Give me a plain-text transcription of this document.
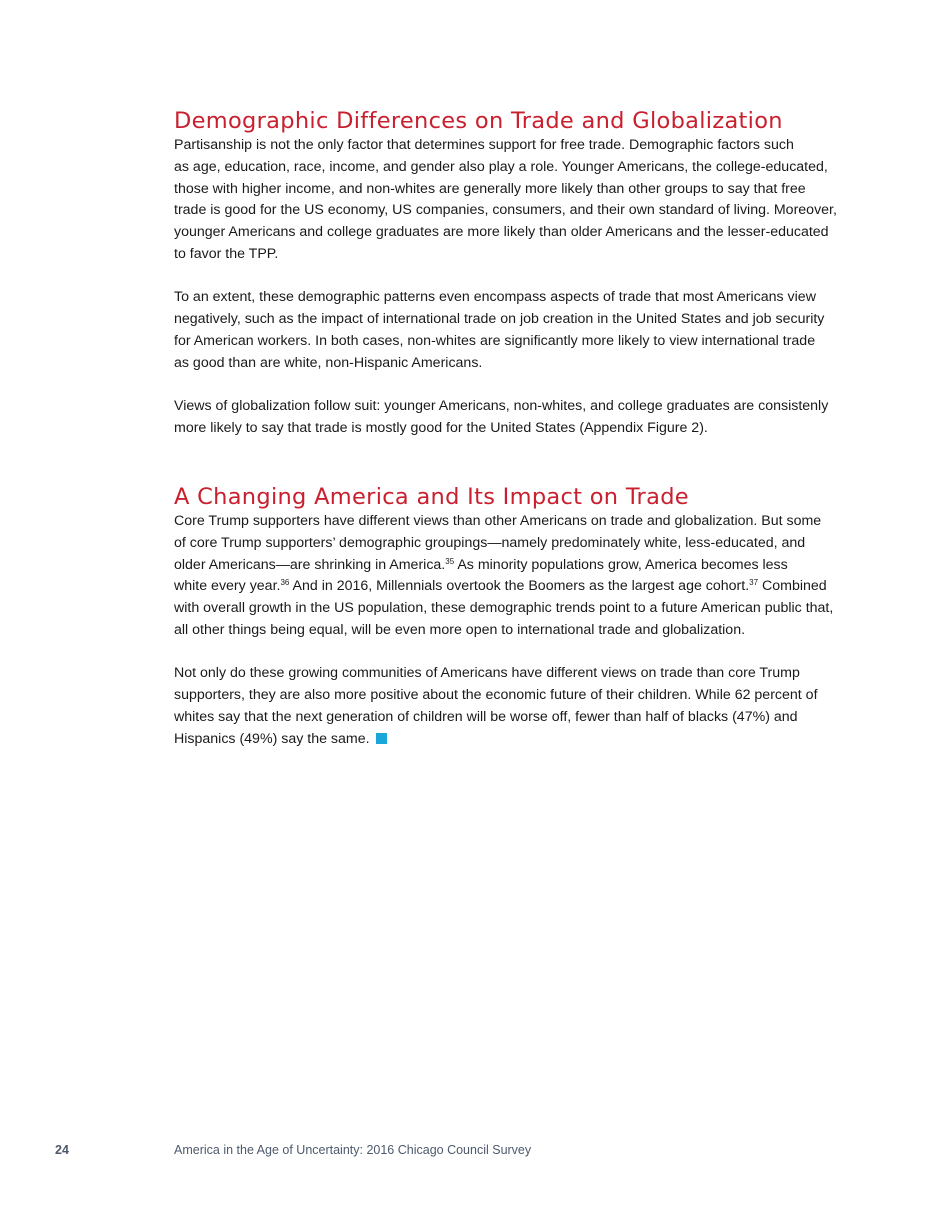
Demographic Differences on Trade and Globalization

Partisanship is not the only factor that determines support for free trade. Demographic factors such
as age, education, race, income, and gender also play a role. Younger Americans, the college-educated,
those with higher income, and non-whites are generally more likely than other groups to say that free
trade is good for the US economy, US companies, consumers, and their own standard of living. Moreover,
younger Americans and college graduates are more likely than older Americans and the lesser-educated
to favor the TPP.

To an extent, these demographic patterns even encompass aspects of trade that most Americans view
negatively, such as the impact of international trade on job creation in the United States and job security
for American workers. In both cases, non-whites are significantly more likely to view international trade
as good than are white, non-Hispanic Americans.

Views of globalization follow suit: younger Americans, non-whites, and college graduates are consistenly
more likely to say that trade is mostly good for the United States (Appendix Figure 2).

A Changing America and Its Impact on Trade

Core Trump supporters have different views than other Americans on trade and globalization. But some
of core Trump supporters’ demographic groupings—namely predominately white, less-educated, and
older Americans—are shrinking in America.$^{35}$ As minority populations grow, America becomes less
white every year.$^{36}$ And in 2016, Millennials overtook the Boomers as the largest age cohort.$^{37}$ Combined
with overall growth in the US population, these demographic trends point to a future American public that,
all other things being equal, will be even more open to international trade and globalization.

Not only do these growing communities of Americans have different views on trade than core Trump
supporters, they are also more positive about the economic future of their children. While 62 percent of
whites say that the next generation of children will be worse off, fewer than half of blacks (47%) and
Hispanics (49%) say the same.

24	America in the Age of Uncertainty: 2016 Chicago Council Survey
